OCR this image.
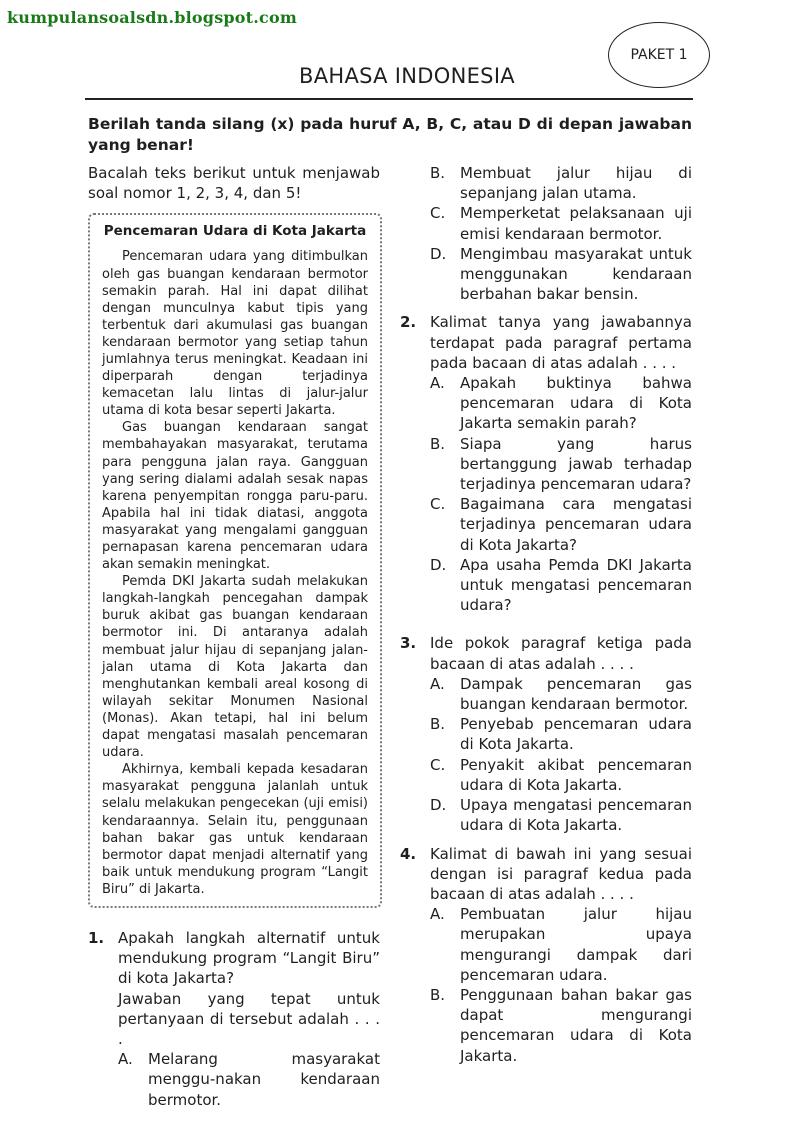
kumpulansoalsdn.blogspot.com
PAKET 1
BAHASA INDONESIA
Berilah tanda silang (x) pada huruf A, B, C, atau D di depan jawaban yang benar!

Bacalah teks berikut untuk menjawab soal nomor 1, 2, 3, 4, dan 5!

Pencemaran Udara di Kota Jakarta

Pencemaran udara yang ditimbulkan oleh gas buangan kendaraan bermotor semakin parah. Hal ini dapat dilihat dengan munculnya kabut tipis yang terbentuk dari akumulasi gas buangan kendaraan bermotor yang setiap tahun jumlahnya terus meningkat. Keadaan ini diperparah dengan terjadinya kemacetan lalu lintas di jalur-jalur utama di kota besar seperti Jakarta.

Gas buangan kendaraan sangat membahayakan masyarakat, terutama para pengguna jalan raya. Gangguan yang sering dialami adalah sesak napas karena penyempitan rongga paru-paru. Apabila hal ini tidak diatasi, anggota masyarakat yang mengalami gangguan pernapasan karena pencemaran udara akan semakin meningkat.

Pemda DKI Jakarta sudah melakukan langkah-langkah pencegahan dampak buruk akibat gas buangan kendaraan bermotor ini. Di antaranya adalah membuat jalur hijau di sepanjang jalan-jalan utama di Kota Jakarta dan menghutankan kembali areal kosong di wilayah sekitar Monumen Nasional (Monas). Akan tetapi, hal ini belum dapat mengatasi masalah pencemaran udara.

Akhirnya, kembali kepada kesadaran masyarakat pengguna jalanlah untuk selalu melakukan pengecekan (uji emisi) kendaraannya. Selain itu, penggunaan bahan bakar gas untuk kendaraan bermotor dapat menjadi alternatif yang baik untuk mendukung program “Langit Biru” di Jakarta.

1. Apakah langkah alternatif untuk mendukung program “Langit Biru” di kota Jakarta?

Jawaban yang tepat untuk pertanyaan di tersebut adalah . . . .

A.	Melarang masyarakat menggu-nakan kendaraan bermotor.
B. Membuat jalur hijau di sepanjang jalan utama.
C. Memperketat pelaksanaan uji emisi kendaraan bermotor.
D. Mengimbau masyarakat untuk menggunakan kendaraan berbahan bakar bensin.
2. Kalimat tanya yang jawabannya terdapat pada paragraf pertama pada bacaan di atas adalah . . . .

A.	Apakah buktinya bahwa pencemaran udara di Kota Jakarta semakin parah?
B. Siapa yang harus bertanggung jawab terhadap terjadinya pencemaran udara?
C. Bagaimana cara mengatasi terjadinya pencemaran udara di Kota Jakarta?
D. Apa usaha Pemda DKI Jakarta untuk mengatasi pencemaran udara?
3. Ide pokok paragraf ketiga pada bacaan di atas adalah . . . .

A.	Dampak pencemaran gas buangan kendaraan bermotor.
B. Penyebab pencemaran udara di Kota Jakarta.
C. Penyakit akibat pencemaran udara di Kota Jakarta.
D. Upaya mengatasi pencemaran udara di Kota Jakarta.
4. Kalimat di bawah ini yang sesuai dengan isi paragraf kedua pada bacaan di atas adalah . . . .

A.	Pembuatan jalur hijau merupakan upaya mengurangi dampak dari pencemaran udara.
B. Penggunaan bahan bakar gas dapat mengurangi pencemaran udara di Kota Jakarta.
